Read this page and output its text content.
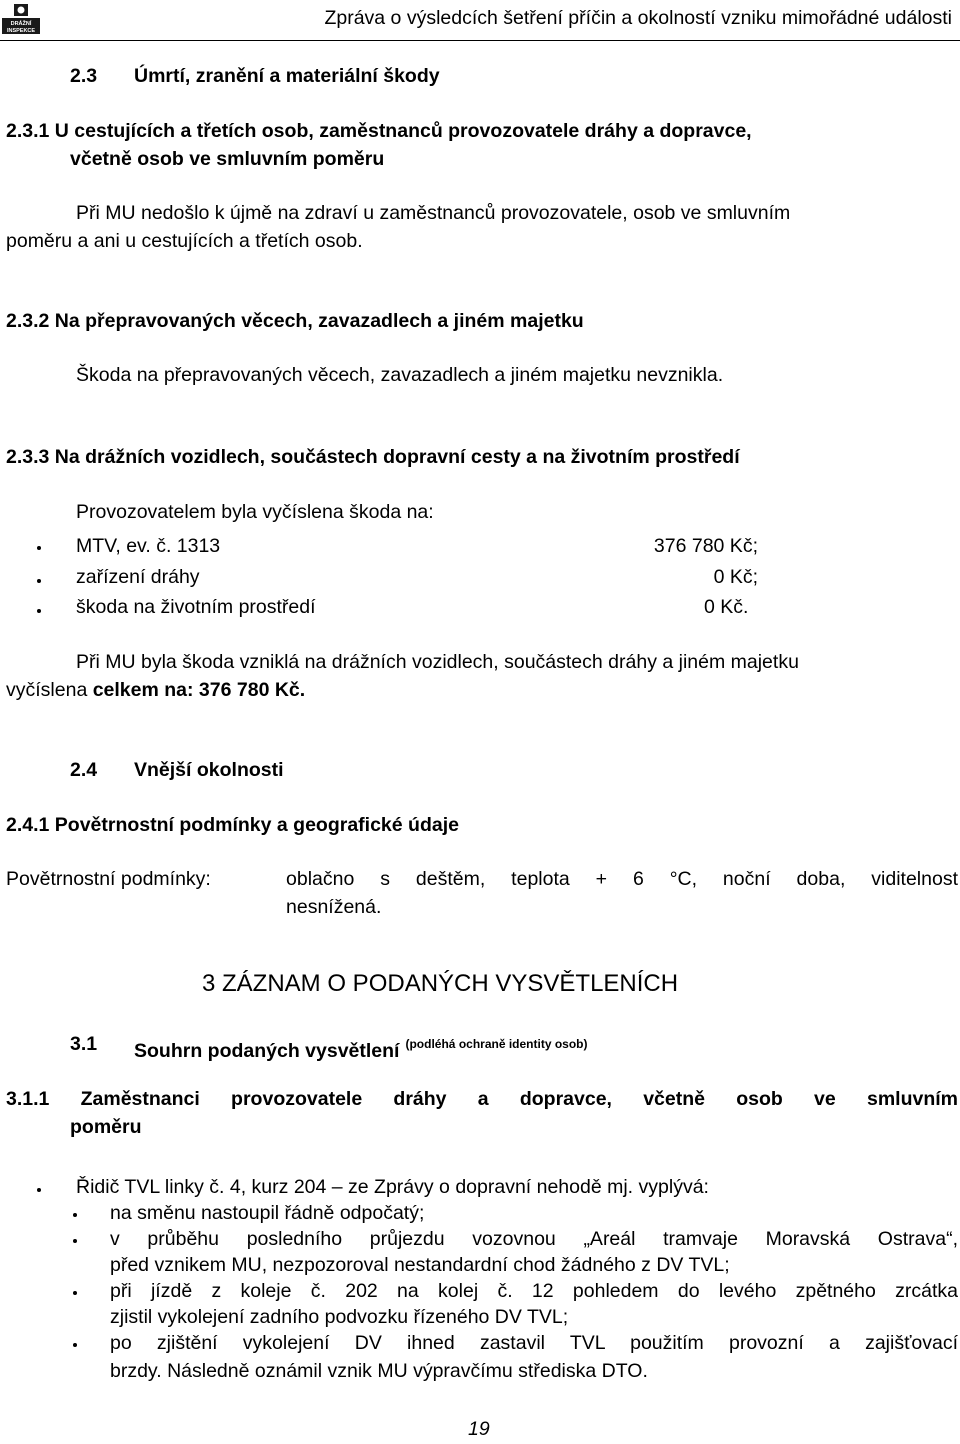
DRÁŽNÍ
INSPEKCE
Zpráva o výsledcích šetření příčin a okolností vzniku mimořádné události
2.3 Úmrtí, zranění a materiální škody
2.3.1 U cestujících a třetích osob, zaměstnanců provozovatele dráhy a dopravce,
včetně osob ve smluvním poměru
Při MU nedošlo k újmě na zdraví u zaměstnanců provozovatele, osob ve smluvním
poměru a ani u cestujících a třetích osob.
2.3.2 Na přepravovaných věcech, zavazadlech a jiném majetku
Škoda na přepravovaných věcech, zavazadlech a jiném majetku nevznikla.
2.3.3 Na drážních vozidlech, součástech dopravní cesty a na životním prostředí
Provozovatelem byla vyčíslena škoda na:
MTV, ev. č. 1313	376 780 Kč;
zařízení dráhy	0 Kč;
škoda na životním prostředí	0 Kč.
Při MU byla škoda vzniklá na drážních vozidlech, součástech dráhy a jiném majetku
vyčíslena celkem na: 376 780 Kč.
2.4 Vnější okolnosti
2.4.1 Povětrnostní podmínky a geografické údaje
Povětrnostní podmínky:	oblačno s deštěm, teplota + 6 °C, noční doba, viditelnost
nesnížená.
3 ZÁZNAM O PODANÝCH VYSVĚTLENÍCH
3.1 Souhrn podaných vysvětlení $^{(podléhá ochraně identity osob)}$
3.1.1 Zaměstnanci provozovatele dráhy a dopravce, včetně osob ve smluvním
poměru
Řidič TVL linky č. 4, kurz 204 – ze Zprávy o dopravní nehodě mj. vyplývá:
na směnu nastoupil řádně odpočatý;
v průběhu posledního průjezdu vozovnou „Areál tramvaje Moravská Ostrava“,
před vznikem MU, nezpozoroval nestandardní chod žádného z DV TVL;
při jízdě z koleje č. 202 na kolej č. 12 pohledem do levého zpětného zrcátka
zjistil vykolejení zadního podvozku řízeného DV TVL;
po zjištění vykolejení DV ihned zastavil TVL použitím provozní a zajišťovací
brzdy. Následně oznámil vznik MU výpravčímu střediska DTO.
19
